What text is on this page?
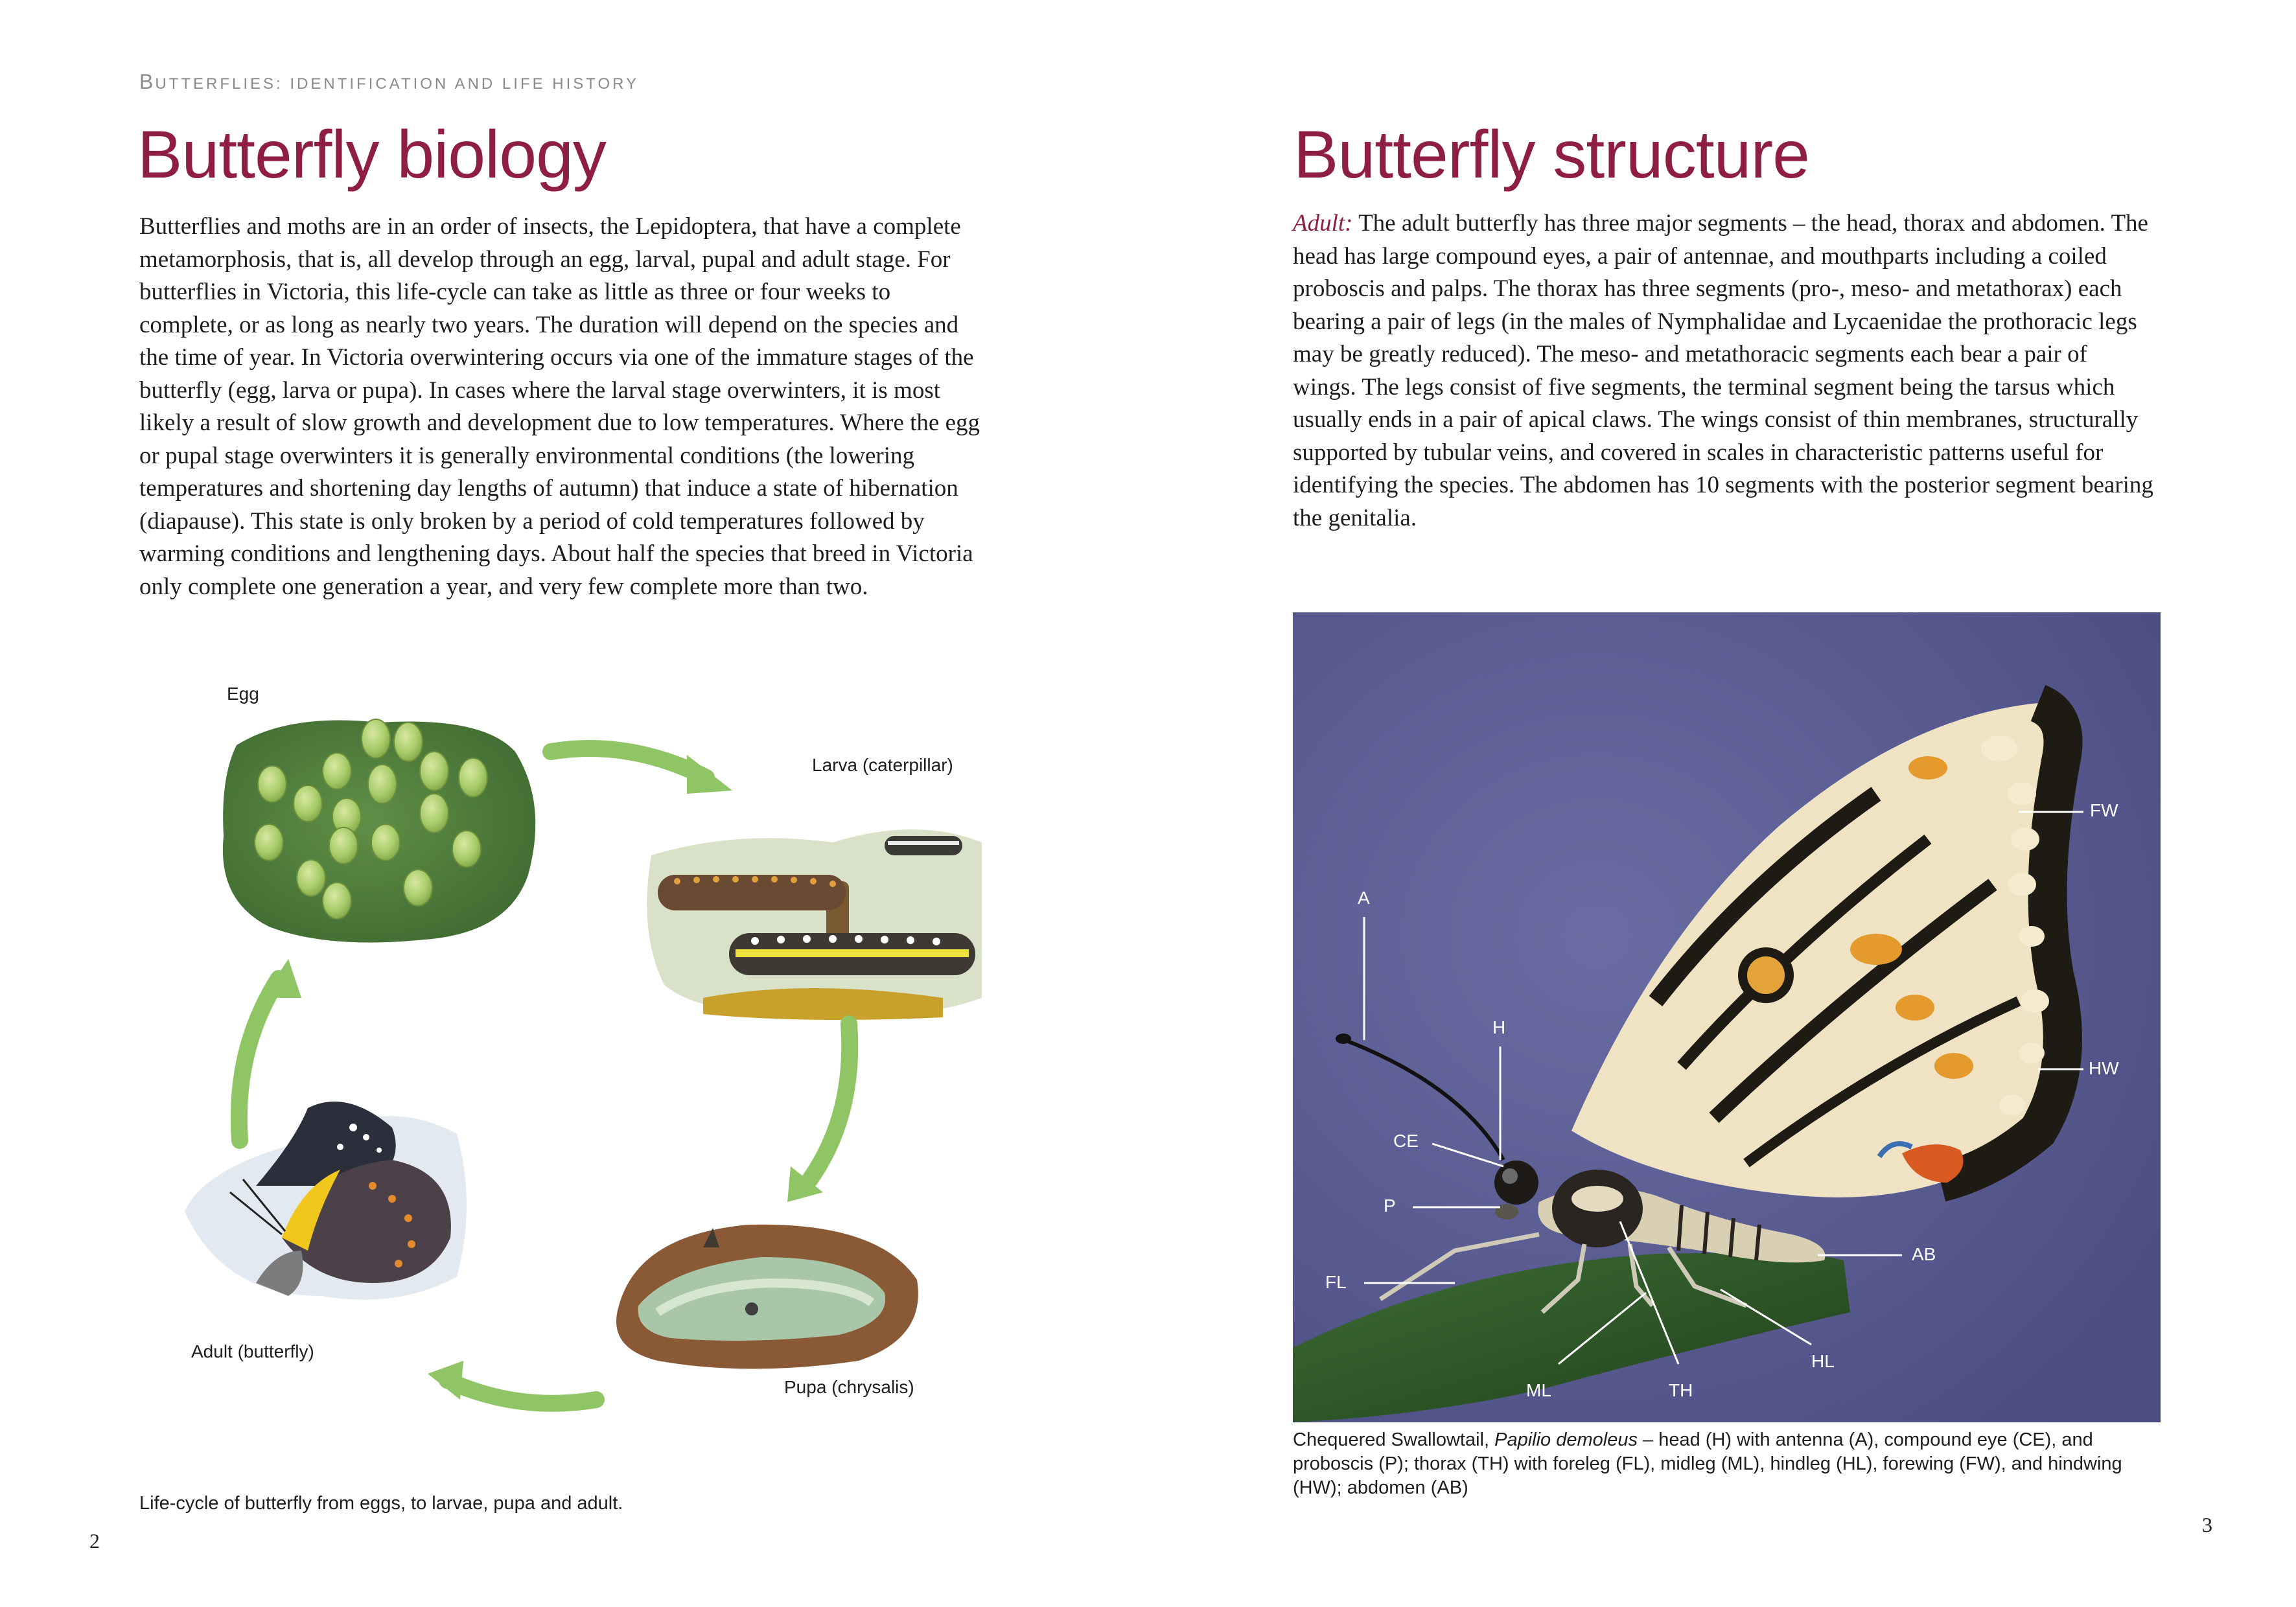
BUTTERFLIES: IDENTIFICATION AND LIFE HISTORY
Butterfly biology

Butterflies and moths are in an order of insects, the Lepidoptera, that have a complete metamorphosis, that is, all develop through an egg, larval, pupal and adult stage. For butterflies in Victoria, this life-cycle can take as little as three or four weeks to complete, or as long as nearly two years. The duration will depend on the species and the time of year. In Victoria overwintering occurs via one of the immature stages of the butterfly (egg, larva or pupa). In cases where the larval stage overwinters, it is most likely a result of slow growth and development due to low temperatures. Where the egg or pupal stage overwinters it is generally environmental conditions (the lowering temperatures and shortening day lengths of autumn) that induce a state of hibernation (diapause). This state is only broken by a period of cold temperatures followed by warming conditions and lengthening days. About half the species that breed in Victoria only complete one generation a year, and very few complete more than two.

Egg
Larva (caterpillar)
Pupa (chrysalis)
Adult (butterfly)

Life-cycle of butterfly from eggs, to larvae, pupa and adult.

2
Butterfly structure

Adult: The adult butterfly has three major segments – the head, thorax and abdomen. The head has large compound eyes, a pair of antennae, and mouthparts including a coiled proboscis and palps. The thorax has three segments (pro-, meso- and metathorax) each bearing a pair of legs (in the males of Nymphalidae and Lycaenidae the prothoracic legs may be greatly reduced). The meso- and metathoracic segments each bear a pair of wings. The legs consist of five segments, the terminal segment being the tarsus which usually ends in a pair of apical claws. The wings consist of thin membranes, structurally supported by tubular veins, and covered in scales in characteristic patterns useful for identifying the species. The abdomen has 10 segments with the posterior segment bearing the genitalia.

FW
A
H
HW
CE
P
AB
FL
HL
ML	TH

Chequered Swallowtail, Papilio demoleus – head (H) with antenna (A), compound eye (CE), and proboscis (P); thorax (TH) with foreleg (FL), midleg (ML), hindleg (HL), forewing (FW), and hindwing (HW); abdomen (AB)

3
